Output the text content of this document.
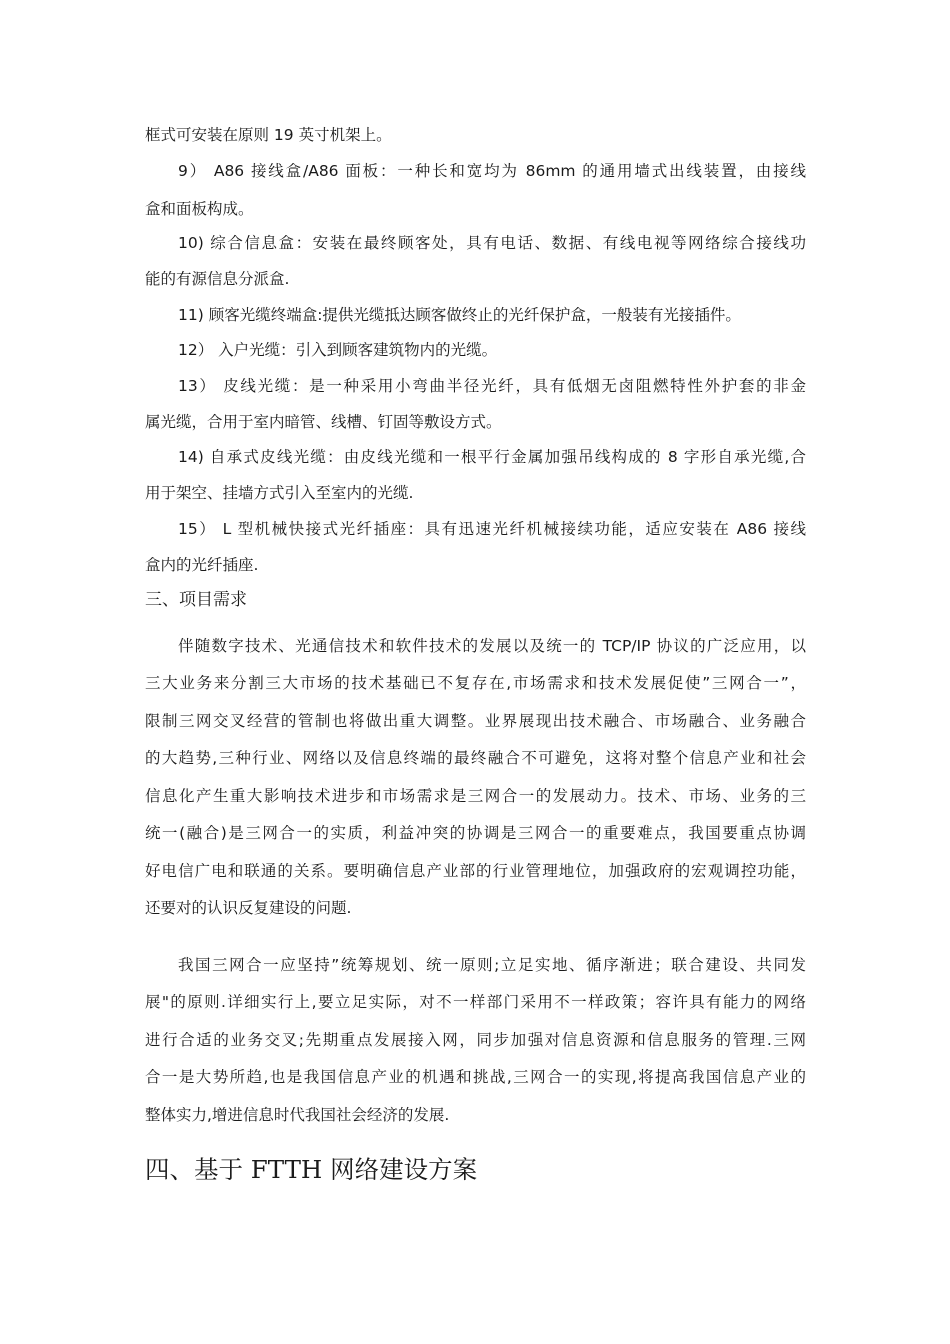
框式可安装在原则 19 英寸机架上。
9） A86 接线盒/A86 面板：一种长和宽均为 86mm 的通用墙式出线装置，由接线
盒和面板构成。
10) 综合信息盒：安装在最终顾客处，具有电话、数据、有线电视等网络综合接线功
能的有源信息分派盒.
11) 顾客光缆终端盒:提供光缆抵达顾客做终止的光纤保护盒，一般装有光接插件。
12） 入户光缆：引入到顾客建筑物内的光缆。
13） 皮线光缆：是一种采用小弯曲半径光纤，具有低烟无卤阻燃特性外护套的非金
属光缆，合用于室内暗管、线槽、钉固等敷设方式。
14) 自承式皮线光缆：由皮线光缆和一根平行金属加强吊线构成的 8 字形自承光缆,合
用于架空、挂墙方式引入至室内的光缆.
15） L 型机械快接式光纤插座：具有迅速光纤机械接续功能，适应安装在 A86 接线
盒内的光纤插座.
三、项目需求
伴随数字技术、光通信技术和软件技术的发展以及统一的 TCP/IP 协议的广泛应用，以
三大业务来分割三大市场的技术基础已不复存在,市场需求和技术发展促使”三网合一”，
限制三网交叉经营的管制也将做出重大调整。业界展现出技术融合、市场融合、业务融合
的大趋势,三种行业、网络以及信息终端的最终融合不可避免，这将对整个信息产业和社会
信息化产生重大影响技术进步和市场需求是三网合一的发展动力。技术、市场、业务的三
统一(融合)是三网合一的实质，利益冲突的协调是三网合一的重要难点，我国要重点协调
好电信广电和联通的关系。要明确信息产业部的行业管理地位，加强政府的宏观调控功能，
还要对的认识反复建设的问题.
我国三网合一应坚持”统筹规划、统一原则;立足实地、循序渐进；联合建设、共同发
展"的原则.详细实行上,要立足实际，对不一样部门采用不一样政策；容许具有能力的网络
进行合适的业务交叉;先期重点发展接入网，同步加强对信息资源和信息服务的管理.三网
合一是大势所趋,也是我国信息产业的机遇和挑战,三网合一的实现,将提高我国信息产业的
整体实力,增进信息时代我国社会经济的发展.
四、基于 FTTH 网络建设方案
